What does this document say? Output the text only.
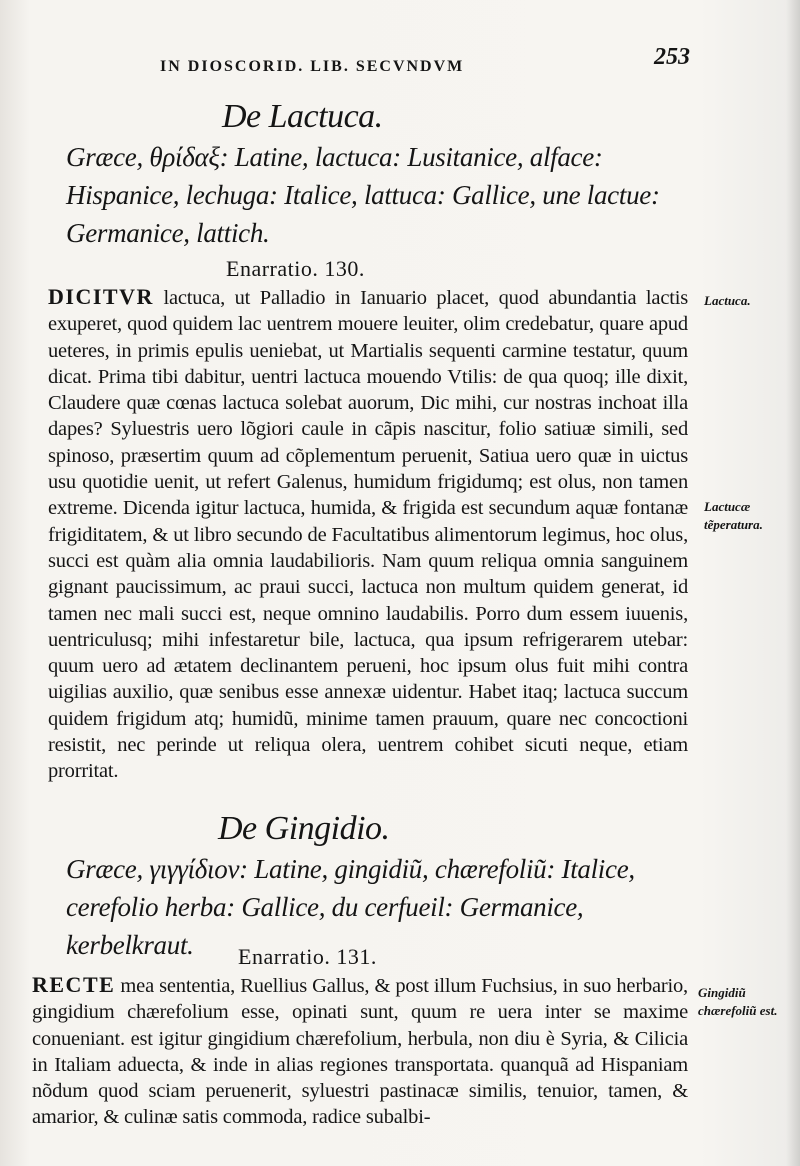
IN DIOSCORID. LIB. SECVNDVM	253
De Lactuca.
Græce, θρίδαξ: Latine, lactuca: Lusitanice, alface: Hispanice, lechuga: Italice, lattuca: Gallice, une lactue: Germanice, lattich.
Enarratio. 130.
DICITVR lactuca, ut Palladio in Ianuario placet, quod abundantia lactis exuperet, quod quidem lac uentrem mouere leuiter, olim credebatur, quare apud ueteres, in primis epulis ueniebat, ut Martialis sequenti carmine testatur, quum dicat. Prima tibi dabitur, uentri lactuca mouendo Vtilis: de qua quoq; ille dixit, Claudere quæ cœnas lactuca solebat auorum, Dic mihi, cur nostras inchoat illa dapes? Syluestris uero lõgiori caule in cãpis nascitur, folio satiuæ simili, sed spinoso, præsertim quum ad cõplementum peruenit, Satiua uero quæ in uictus usu quotidie uenit, ut refert Galenus, humidum frigidumq; est olus, non tamen extreme. Dicenda igitur lactuca, humida, & frigida est secundum aquæ fontanæ frigiditatem, & ut libro secundo de Facultatibus alimentorum legimus, hoc olus, succi est quàm alia omnia laudabilioris. Nam quum reliqua omnia sanguinem gignant paucissimum, ac praui succi, lactuca non multum quidem generat, id tamen nec mali succi est, neque omnino laudabilis. Porro dum essem iuuenis, uentriculusq; mihi infestaretur bile, lactuca, qua ipsum refrigerarem utebar: quum uero ad ætatem declinantem perueni, hoc ipsum olus fuit mihi contra uigilias auxilio, quæ senibus esse annexæ uidentur. Habet itaq; lactuca succum quidem frigidum atq; humidũ, minime tamen prauum, quare nec concoctioni resistit, nec perinde ut reliqua olera, uentrem cohibet sicuti neque, etiam prorritat.
Lactuca.
Lactucæ tẽperatura.
De Gingidio.
Græce, γιγγίδιον: Latine, gingidiũ, chærefoliũ: Italice, cerefolio herba: Gallice, du cerfueil: Germanice, kerbelkraut.	Enarratio. 131.
RECTE mea sententia, Ruellius Gallus, & post illum Fuchsius, in suo herbario, gingidium chærefolium esse, opinati sunt, quum re uera inter se maxime conueniant. est igitur gingidium chærefolium, herbula, non diu è Syria, & Cilicia in Italiam aduecta, & inde in alias regiones transportata. quanquã ad Hispaniam nõdum quod sciam peruenerit, syluestri pastinacæ similis, tenuior, tamen, & amarior, & culinæ satis commoda, radice subalbi-
Gingidiũ chærefoliũ est.
